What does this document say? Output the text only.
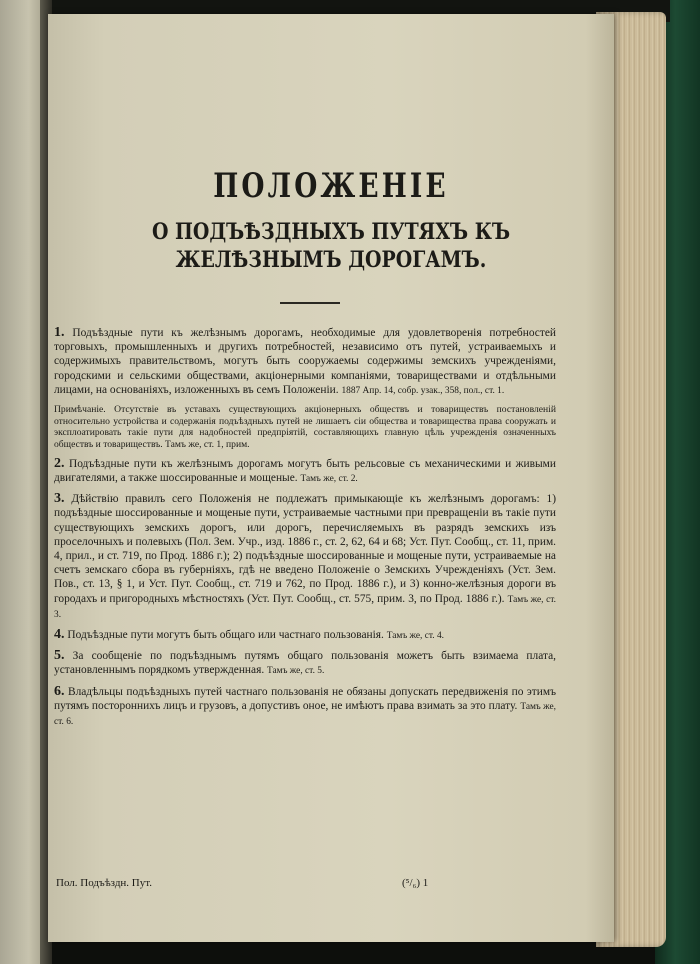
ПОЛОЖЕНІЕ
О ПОДЪѢЗДНЫХЪ ПУТЯХЪ КЪ ЖЕЛѢЗНЫМЪ ДОРОГАМЪ.

1. Подъѣздные пути къ желѣзнымъ дорогамъ, необходимые для удовлетворенія потребностей торговыхъ, промышленныхъ и другихъ потребностей, независимо отъ путей, устраиваемыхъ и содержимыхъ правительствомъ, могутъ быть сооружаемы содержимы земскихъ учрежденіями, городскими и сельскими обществами, акціонерными компаніями, товариществами и отдѣльными лицами, на основаніяхъ, изложенныхъ въ семъ Положеніи. 1887 Апр. 14, собр. узак., 358, пол., ст. 1.

Примѣчаніе. Отсутствіе въ уставахъ существующихъ акціонерныхъ обществъ и товариществъ постановленій относительно устройства и содержанія подъѣздныхъ путей не лишаетъ сіи общества и товарищества права сооружать и эксплоатировать такіе пути для надобностей предпріятій, составляющихъ главную цѣль учрежденія означенныхъ обществъ и товариществъ. Тамъ же, ст. 1, прим.

2. Подъѣздные пути къ желѣзнымъ дорогамъ могутъ быть рельсовые съ механическими и живыми двигателями, а также шоссированные и мощеные. Тамъ же, ст. 2.

3. Дѣйствію правилъ сего Положенія не подлежатъ примыкающіе къ желѣзнымъ дорогамъ: 1) подъѣздные шоссированные и мощеные пути, устраиваемые частными при превращеніи въ такіе пути существующихъ земскихъ дорогъ, или дорогъ, перечисляемыхъ въ разрядъ земскихъ изъ проселочныхъ и полевыхъ (Пол. Зем. Учр., изд. 1886 г., ст. 2, 62, 64 и 68; Уст. Пут. Сообщ., ст. 11, прим. 4, прил., и ст. 719, по Прод. 1886 г.); 2) подъѣздные шоссированные и мощеные пути, устраиваемые на счетъ земскаго сбора въ губерніяхъ, гдѣ не введено Положеніе о Земскихъ Учрежденіяхъ (Уст. Зем. Пов., ст. 13, § 1, и Уст. Пут. Сообщ., ст. 719 и 762, по Прод. 1886 г.), и 3) конно-желѣзныя дороги въ городахъ и пригородныхъ мѣстностяхъ (Уст. Пут. Сообщ., ст. 575, прим. 3, по Прод. 1886 г.). Тамъ же, ст. 3.

4. Подъѣздные пути могутъ быть общаго или частнаго пользованія. Тамъ же, ст. 4.

5. За сообщеніе по подъѣзднымъ путямъ общаго пользованія можетъ быть взимаема плата, установленнымъ порядкомъ утвержденная. Тамъ же, ст. 5.

6. Владѣльцы подъѣздныхъ путей частнаго пользованія не обязаны допускать передвиженія по этимъ путямъ постороннихъ лицъ и грузовъ, а допустивъ оное, не имѣютъ права взимать за это плату. Тамъ же, ст. 6.

Пол. Подъѣздн. Пут.	(⁵/₆) 1
